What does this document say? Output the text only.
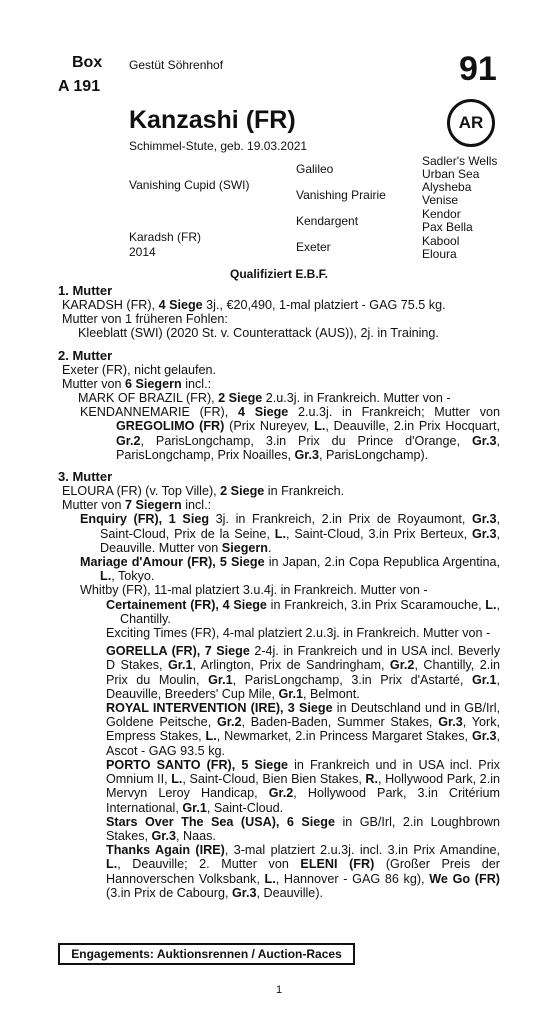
Box
A 191
Gestüt Söhrenhof	91
AR
Kanzashi (FR)
Schimmel-Stute, geb. 19.03.2021
Vanishing Cupid (SWI)
Karadsh (FR)
2014
Galileo
Vanishing Prairie
Kendargent
Exeter
Sadler's Wells
Urban Sea
Alysheba
Venise
Kendor
Pax Bella
Kabool
Eloura
Qualifiziert E.B.F.
1. Mutter
KARADSH (FR), 4 Siege 3j., €20,490, 1-mal platziert - GAG 75.5 kg.
Mutter von 1 früheren Fohlen:
Kleeblatt (SWI) (2020 St. v. Counterattack (AUS)), 2j. in Training.
2. Mutter
Exeter (FR), nicht gelaufen.
Mutter von 6 Siegern incl.:
MARK OF BRAZIL (FR), 2 Siege 2.u.3j. in Frankreich. Mutter von -
KENDANNEMARIE (FR), 4 Siege 2.u.3j. in Frankreich; Mutter von GREGOLIMO (FR) (Prix Nureyev, L., Deauville, 2.in Prix Hocquart, Gr.2, ParisLongchamp, 3.in Prix du Prince d'Orange, Gr.3, ParisLongchamp, Prix Noailles, Gr.3, ParisLongchamp).
3. Mutter
ELOURA (FR) (v. Top Ville), 2 Siege in Frankreich.
Mutter von 7 Siegern incl.:
Enquiry (FR), 1 Sieg 3j. in Frankreich, 2.in Prix de Royaumont, Gr.3, Saint-Cloud, Prix de la Seine, L., Saint-Cloud, 3.in Prix Berteux, Gr.3, Deauville. Mutter von Siegern.
Mariage d'Amour (FR), 5 Siege in Japan, 2.in Copa Republica Argentina, L., Tokyo.
Whitby (FR), 11-mal platziert 3.u.4j. in Frankreich. Mutter von -
Certainement (FR), 4 Siege in Frankreich, 3.in Prix Scaramouche, L., Chantilly.
Exciting Times (FR), 4-mal platziert 2.u.3j. in Frankreich. Mutter von -
GORELLA (FR), 7 Siege 2-4j. in Frankreich und in USA incl. Beverly D Stakes, Gr.1, Arlington, Prix de Sandringham, Gr.2, Chantilly, 2.in Prix du Moulin, Gr.1, ParisLongchamp, 3.in Prix d'Astarté, Gr.1, Deauville, Breeders' Cup Mile, Gr.1, Belmont.
ROYAL INTERVENTION (IRE), 3 Siege in Deutschland und in GB/Irl, Goldene Peitsche, Gr.2, Baden-Baden, Summer Stakes, Gr.3, York, Empress Stakes, L., Newmarket, 2.in Princess Margaret Stakes, Gr.3, Ascot - GAG 93.5 kg.
PORTO SANTO (FR), 5 Siege in Frankreich und in USA incl. Prix Omnium II, L., Saint-Cloud, Bien Bien Stakes, R., Hollywood Park, 2.in Mervyn Leroy Handicap, Gr.2, Hollywood Park, 3.in Critérium International, Gr.1, Saint-Cloud.
Stars Over The Sea (USA), 6 Siege in GB/Irl, 2.in Loughbrown Stakes, Gr.3, Naas.
Thanks Again (IRE), 3-mal platziert 2.u.3j. incl. 3.in Prix Amandine, L., Deauville; 2. Mutter von ELENI (FR) (Großer Preis der Hannoverschen Volksbank, L., Hannover - GAG 86 kg), We Go (FR) (3.in Prix de Cabourg, Gr.3, Deauville).
Engagements: Auktionsrennen / Auction-Races
1
